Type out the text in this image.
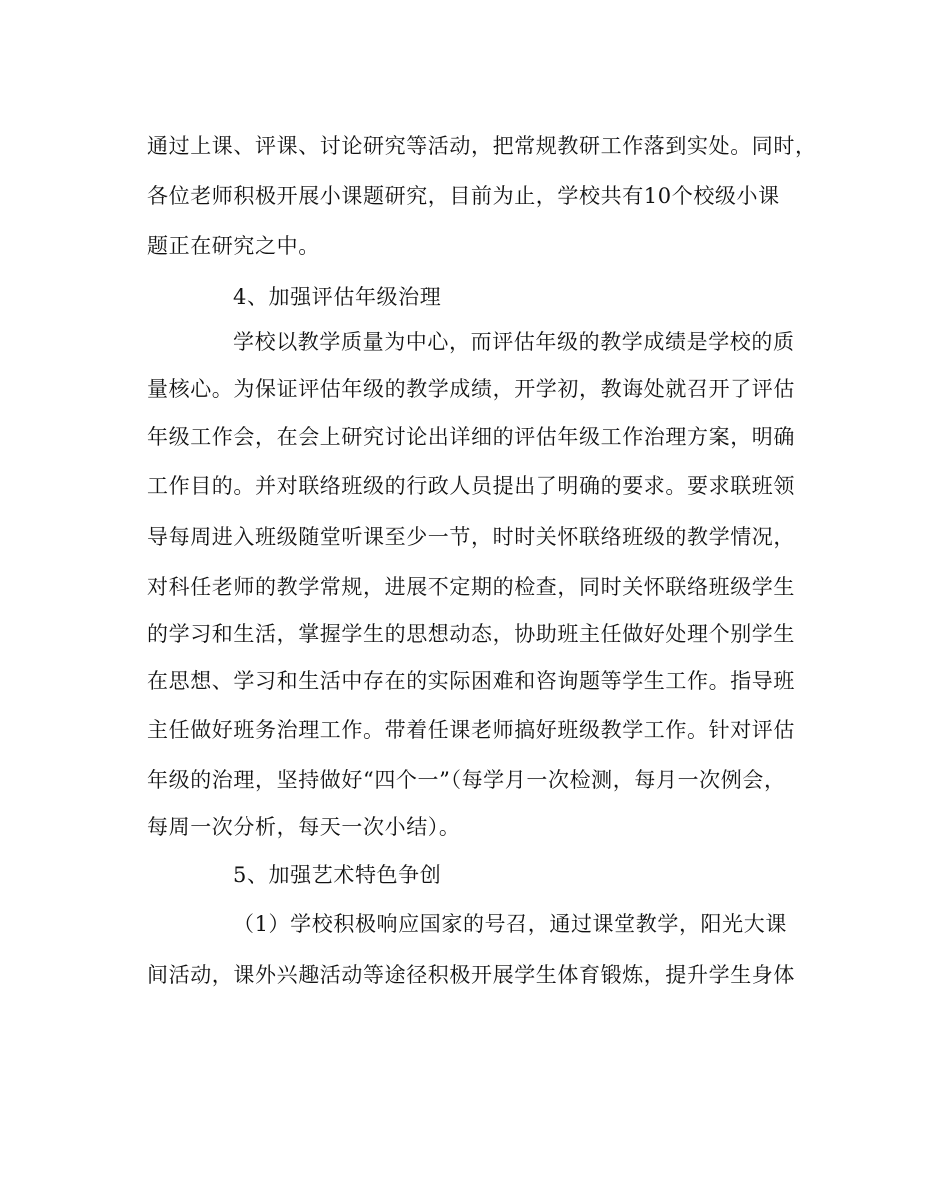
通过上课、评课、讨论研究等活动，把常规教研工作落到实处。同时，
各位老师积极开展小课题研究，目前为止，学校共有10个校级小课
题正在研究之中。
4、加强评估年级治理
学校以教学质量为中心，而评估年级的教学成绩是学校的质
量核心。为保证评估年级的教学成绩，开学初，教诲处就召开了评估
年级工作会，在会上研究讨论出详细的评估年级工作治理方案，明确
工作目的。并对联络班级的行政人员提出了明确的要求。要求联班领
导每周进入班级随堂听课至少一节，时时关怀联络班级的教学情况，
对科任老师的教学常规，进展不定期的检查，同时关怀联络班级学生
的学习和生活，掌握学生的思想动态，协助班主任做好处理个别学生
在思想、学习和生活中存在的实际困难和咨询题等学生工作。指导班
主任做好班务治理工作。带着任课老师搞好班级教学工作。针对评估
年级的治理，坚持做好“四个一”（每学月一次检测，每月一次例会，
每周一次分析，每天一次小结）。
5、加强艺术特色争创
（1）学校积极响应国家的号召，通过课堂教学，阳光大课
间活动，课外兴趣活动等途径积极开展学生体育锻炼，提升学生身体
